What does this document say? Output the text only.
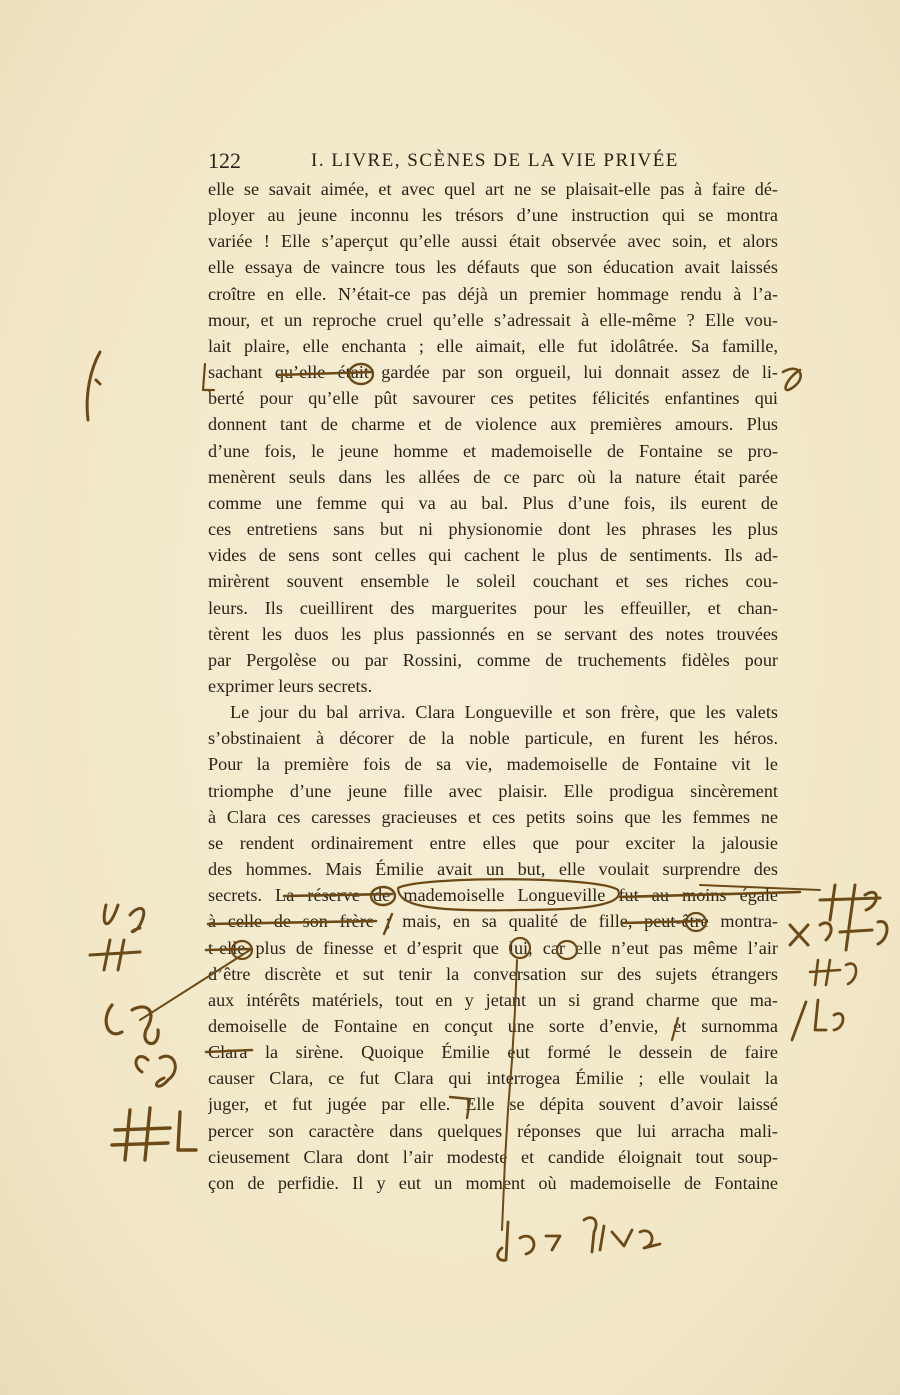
122	I. LIVRE, SCÈNES DE LA VIE PRIVÉE
elle se savait aimée, et avec quel art ne se plaisait-elle pas à faire dé-
ployer au jeune inconnu les trésors d’une instruction qui se montra
variée ! Elle s’aperçut qu’elle aussi était observée avec soin, et alors
elle essaya de vaincre tous les défauts que son éducation avait laissés
croître en elle. N’était-ce pas déjà un premier hommage rendu à l’a-
mour, et un reproche cruel qu’elle s’adressait à elle-même ? Elle vou-
lait plaire, elle enchanta ; elle aimait, elle fut idolâtrée. Sa famille,
sachant qu’elle était gardée par son orgueil, lui donnait assez de li-
berté pour qu’elle pût savourer ces petites félicités enfantines qui
donnent tant de charme et de violence aux premières amours. Plus
d’une fois, le jeune homme et mademoiselle de Fontaine se pro-
menèrent seuls dans les allées de ce parc où la nature était parée
comme une femme qui va au bal. Plus d’une fois, ils eurent de
ces entretiens sans but ni physionomie dont les phrases les plus
vides de sens sont celles qui cachent le plus de sentiments. Ils ad-
mirèrent souvent ensemble le soleil couchant et ses riches cou-
leurs. Ils cueillirent des marguerites pour les effeuiller, et chan-
tèrent les duos les plus passionnés en se servant des notes trouvées
par Pergolèse ou par Rossini, comme de truchements fidèles pour
exprimer leurs secrets.
Le jour du bal arriva. Clara Longueville et son frère, que les valets
s’obstinaient à décorer de la noble particule, en furent les héros.
Pour la première fois de sa vie, mademoiselle de Fontaine vit le
triomphe d’une jeune fille avec plaisir. Elle prodigua sincèrement
à Clara ces caresses gracieuses et ces petits soins que les femmes ne
se rendent ordinairement entre elles que pour exciter la jalousie
des hommes. Mais Émilie avait un but, elle voulait surprendre des
secrets. La réserve de mademoiselle Longueville fut au moins égale
à celle de son frère ; mais, en sa qualité de fille, peut-être montra-
t-elle plus de finesse et d’esprit que lui, car elle n’eut pas même l’air
d’être discrète et sut tenir la conversation sur des sujets étrangers
aux intérêts matériels, tout en y jetant un si grand charme que ma-
demoiselle de Fontaine en conçut une sorte d’envie, et surnomma
Clara la sirène. Quoique Émilie eut formé le dessein de faire
causer Clara, ce fut Clara qui interrogea Émilie ; elle voulait la
juger, et fut jugée par elle. Elle se dépita souvent d’avoir laissé
percer son caractère dans quelques réponses que lui arracha mali-
cieusement Clara dont l’air modeste et candide éloignait tout soup-
çon de perfidie. Il y eut un moment où mademoiselle de Fontaine
